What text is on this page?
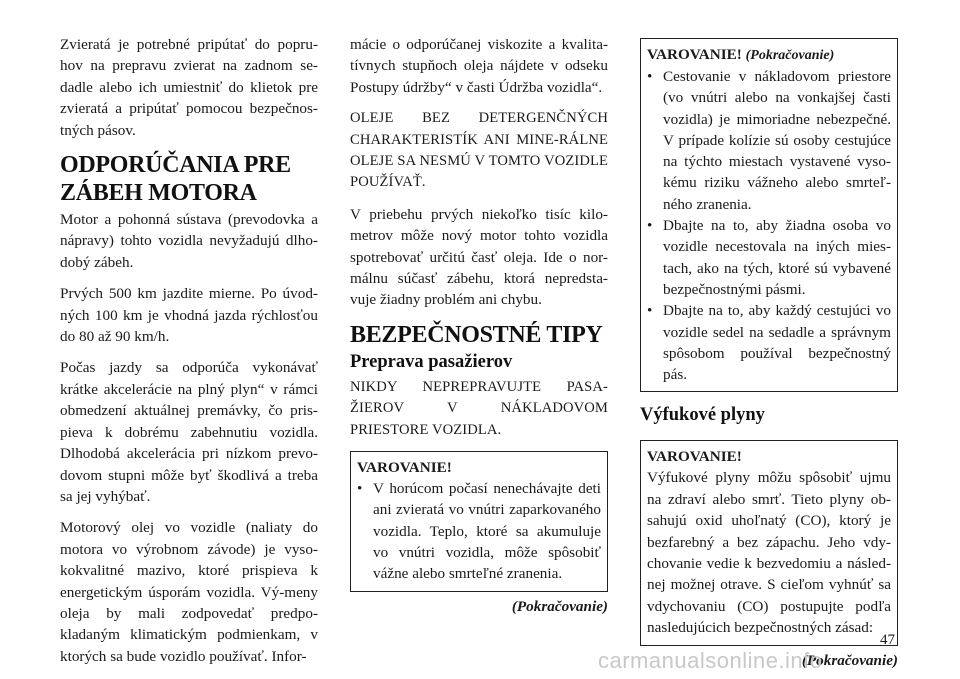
Zvieratá je potrebné pripútať do popru-hov na prepravu zvierat na zadnom se-dadle alebo ich umiestniť do klietok pre zvieratá a pripútať pomocou bezpečnos-tných pásov.

ODPORÚČANIA PRE ZÁBEH MOTORA

Motor a pohonná sústava (prevodovka a nápravy) tohto vozidla nevyžadujú dlho-dobý zábeh.

Prvých 500 km jazdite mierne. Po úvod-ných 100 km je vhodná jazda rýchlosťou do 80 až 90 km/h.

Počas jazdy sa odporúča vykonávať krátke akcelerácie na plný plyn“ v rámci obmedzení aktuálnej premávky, čo pris-pieva k dobrému zabehnutiu vozidla. Dlhodobá akcelerácia pri nízkom prevo-dovom stupni môže byť škodlivá a treba sa jej vyhýbať.

Motorový olej vo vozidle (naliaty do motora vo výrobnom závode) je vyso-kokvalitné mazivo, ktoré prispieva k energetickým úsporám vozidla. Vý-meny oleja by mali zodpovedať predpo-kladaným klimatickým podmienkam, v ktorých sa bude vozidlo používať. Infor-

mácie o odporúčanej viskozite a kvalita-tívnych stupňoch oleja nájdete v odseku Postupy údržby“ v časti Údržba vozidla“.

OLEJE BEZ DETERGENČNÝCH CHARAKTERISTÍK ANI MINE-RÁLNE OLEJE SA NESMÚ V TOMTO VOZIDLE POUŽÍVAŤ.

V priebehu prvých niekoľko tisíc kilo-metrov môže nový motor tohto vozidla spotrebovať určitú časť oleja. Ide o nor-málnu súčasť zábehu, ktorá nepredsta-vuje žiadny problém ani chybu.

BEZPEČNOSTNÉ TIPY
Preprava pasažierov

NIKDY NEPREPRAVUJTE PASA-ŽIEROV V NÁKLADOVOM PRIESTORE VOZIDLA.

VAROVANIE!
• V horúcom počasí nenechávajte deti ani zvieratá vo vnútri zaparkovaného vozidla. Teplo, ktoré sa akumuluje vo vnútri vozidla, môže spôsobiť vážne alebo smrteľné zranenia.
(Pokračovanie)
VAROVANIE! (Pokračovanie)
• Cestovanie v nákladovom priestore (vo vnútri alebo na vonkajšej časti vozidla) je mimoriadne nebezpečné. V prípade kolízie sú osoby cestujúce na týchto miestach vystavené vyso-kému riziku vážneho alebo smrteľ-ného zranenia.
• Dbajte na to, aby žiadna osoba vo vozidle necestovala na iných mies-tach, ako na tých, ktoré sú vybavené bezpečnostnými pásmi.
• Dbajte na to, aby každý cestujúci vo vozidle sedel na sedadle a správnym spôsobom používal bezpečnostný pás.
Výfukové plyny
VAROVANIE!

Výfukové plyny môžu spôsobiť ujmu na zdraví alebo smrť. Tieto plyny ob-sahujú oxid uhoľnatý (CO), ktorý je bezfarebný a bez zápachu. Jeho vdy-chovanie vedie k bezvedomiu a násled-nej možnej otrave. S cieľom vyhnúť sa vdychovaniu (CO) postupujte podľa nasledujúcich bezpečnostných zásad:

(Pokračovanie)
47
carmanualsonline.info
